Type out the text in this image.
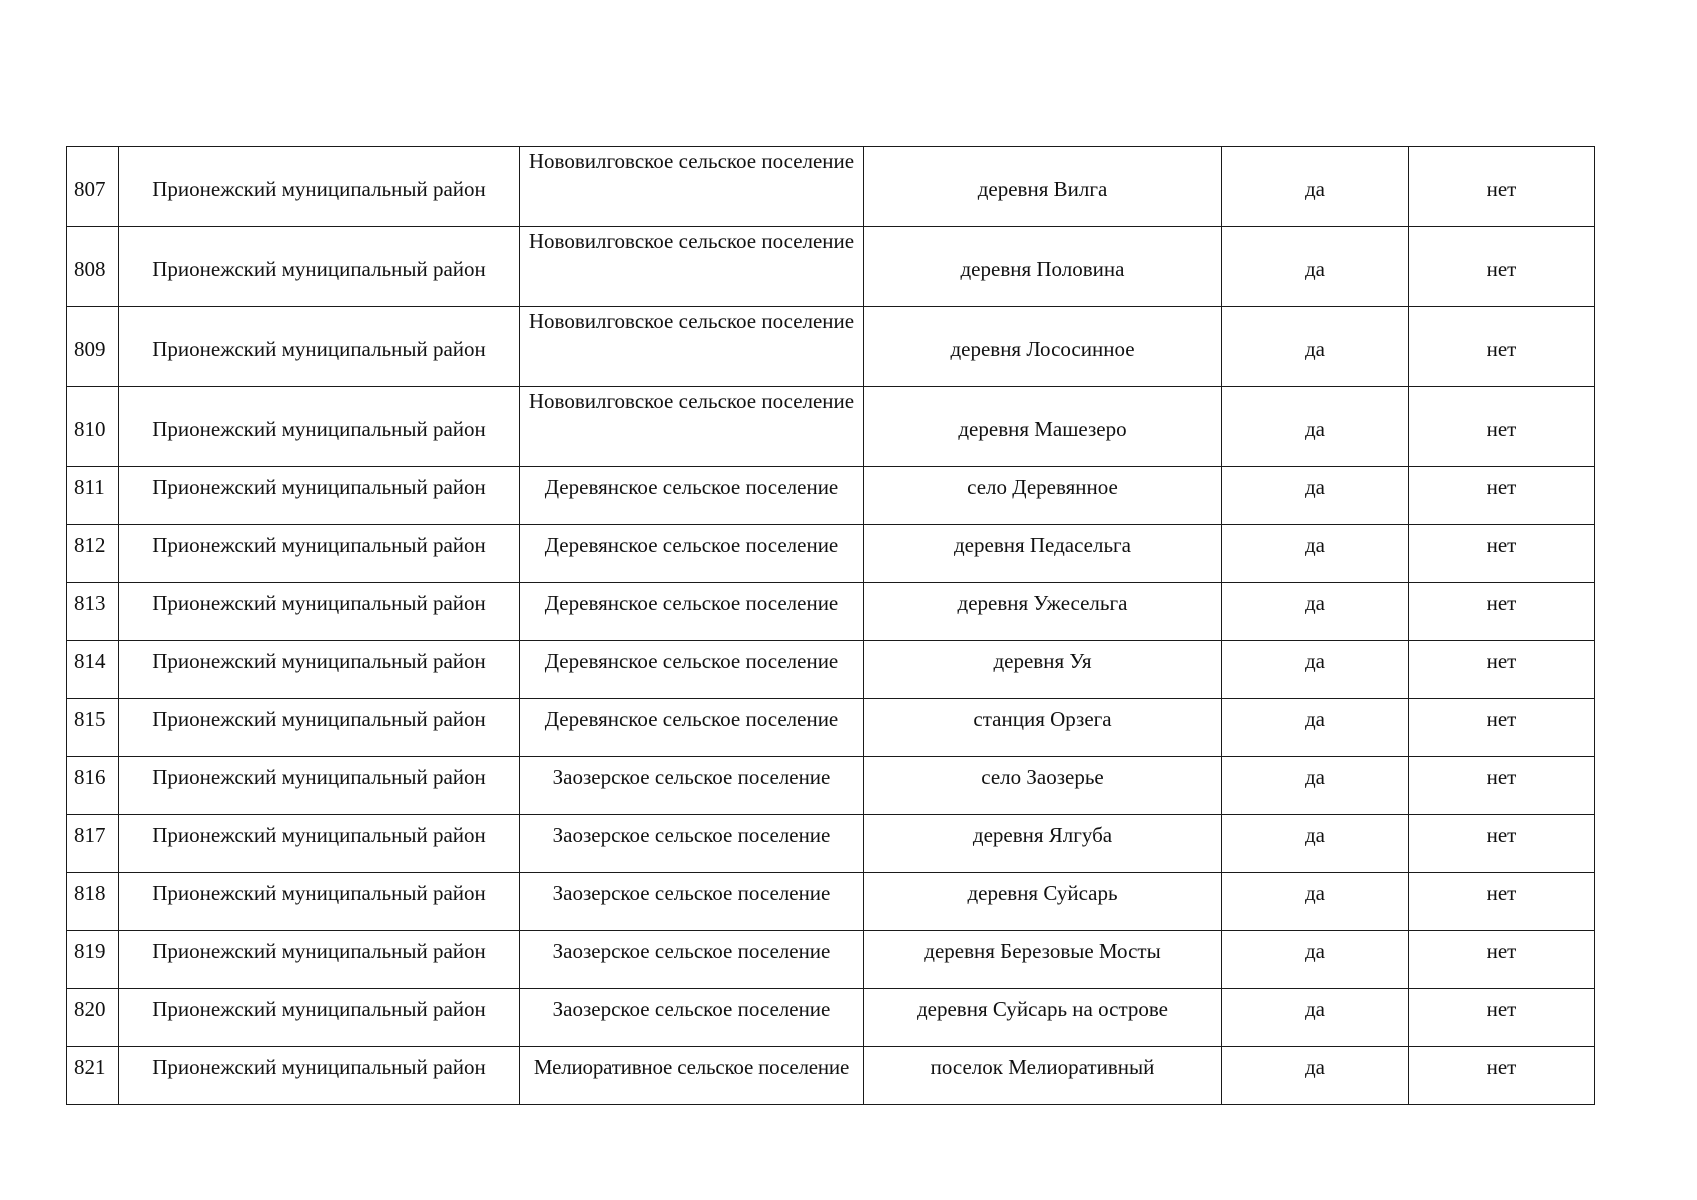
807	Прионежский муниципальный район	Нововилговское сельское поселение	деревня Вилга	да	нет
808	Прионежский муниципальный район	Нововилговское сельское поселение	деревня Половина	да	нет
809	Прионежский муниципальный район	Нововилговское сельское поселение	деревня Лососинное	да	нет
810	Прионежский муниципальный район	Нововилговское сельское поселение	деревня Машезеро	да	нет
811	Прионежский муниципальный район	Деревянское сельское поселение	село Деревянное	да	нет
812	Прионежский муниципальный район	Деревянское сельское поселение	деревня Педасельга	да	нет
813	Прионежский муниципальный район	Деревянское сельское поселение	деревня Ужесельга	да	нет
814	Прионежский муниципальный район	Деревянское сельское поселение	деревня Уя	да	нет
815	Прионежский муниципальный район	Деревянское сельское поселение	станция Орзега	да	нет
816	Прионежский муниципальный район	Заозерское сельское поселение	село Заозерье	да	нет
817	Прионежский муниципальный район	Заозерское сельское поселение	деревня Ялгуба	да	нет
818	Прионежский муниципальный район	Заозерское сельское поселение	деревня Суйсарь	да	нет
819	Прионежский муниципальный район	Заозерское сельское поселение	деревня Березовые Мосты	да	нет
820	Прионежский муниципальный район	Заозерское сельское поселение	деревня Суйсарь на острове	да	нет
821	Прионежский муниципальный район	Мелиоративное сельское поселение	поселок Мелиоративный	да	нет
